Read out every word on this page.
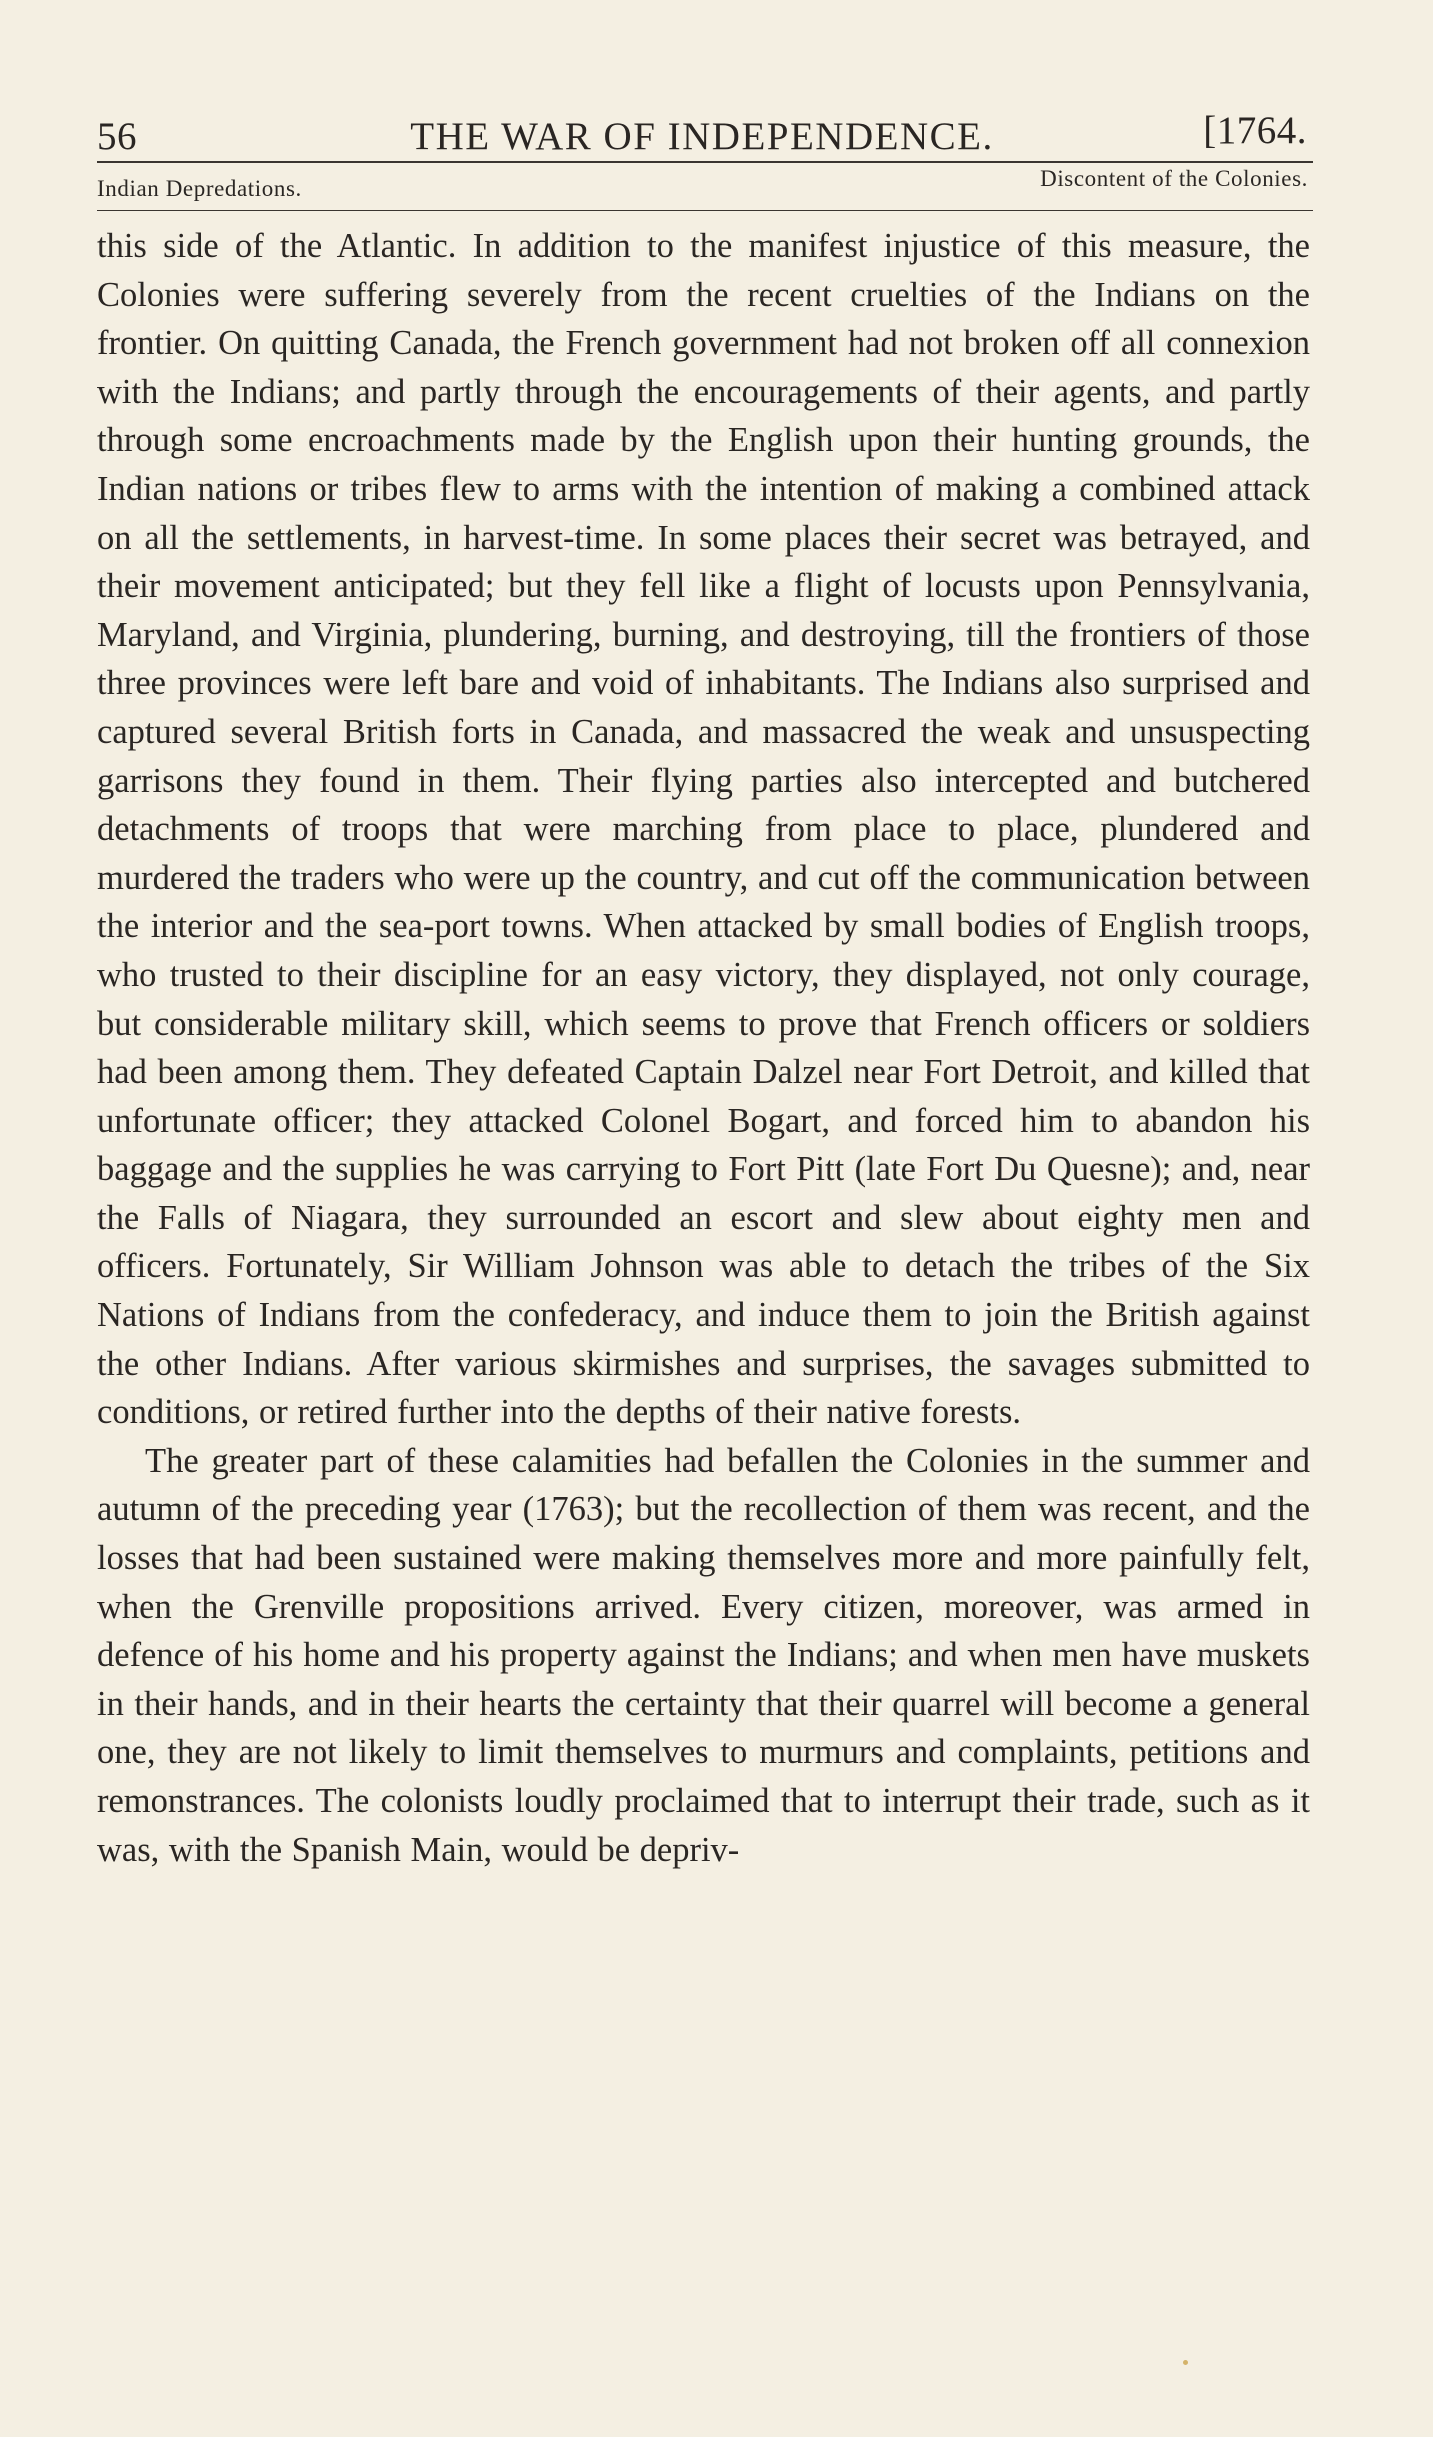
56	THE WAR OF INDEPENDENCE.	[1764.
Indian Depredations.	Discontent of the Colonies.

this side of the Atlantic. In addition to the manifest injustice of this measure, the Colonies were suffering severely from the recent cruelties of the Indians on the frontier. On quitting Canada, the French government had not broken off all connexion with the Indians; and partly through the encouragements of their agents, and partly through some encroachments made by the English upon their hunting grounds, the Indian nations or tribes flew to arms with the intention of making a combined attack on all the settlements, in harvest-time. In some places their secret was betrayed, and their movement anticipated; but they fell like a flight of locusts upon Pennsylvania, Maryland, and Virginia, plundering, burning, and destroying, till the frontiers of those three provinces were left bare and void of inhabitants. The Indians also surprised and captured several British forts in Canada, and massacred the weak and unsuspecting garrisons they found in them. Their flying parties also intercepted and butchered detachments of troops that were marching from place to place, plundered and murdered the traders who were up the country, and cut off the communication between the interior and the sea-port towns. When attacked by small bodies of English troops, who trusted to their discipline for an easy victory, they displayed, not only courage, but considerable military skill, which seems to prove that French officers or soldiers had been among them. They defeated Captain Dalzel near Fort Detroit, and killed that unfortunate officer; they attacked Colonel Bogart, and forced him to abandon his baggage and the supplies he was carrying to Fort Pitt (late Fort Du Quesne); and, near the Falls of Niagara, they surrounded an escort and slew about eighty men and officers. Fortunately, Sir William Johnson was able to detach the tribes of the Six Nations of Indians from the confederacy, and induce them to join the British against the other Indians. After various skirmishes and surprises, the savages submitted to conditions, or retired further into the depths of their native forests.

The greater part of these calamities had befallen the Colonies in the summer and autumn of the preceding year (1763); but the recollection of them was recent, and the losses that had been sustained were making themselves more and more painfully felt, when the Grenville propositions arrived. Every citizen, moreover, was armed in defence of his home and his property against the Indians; and when men have muskets in their hands, and in their hearts the certainty that their quarrel will become a general one, they are not likely to limit themselves to murmurs and complaints, petitions and remonstrances. The colonists loudly proclaimed that to interrupt their trade, such as it was, with the Spanish Main, would be depriv-
